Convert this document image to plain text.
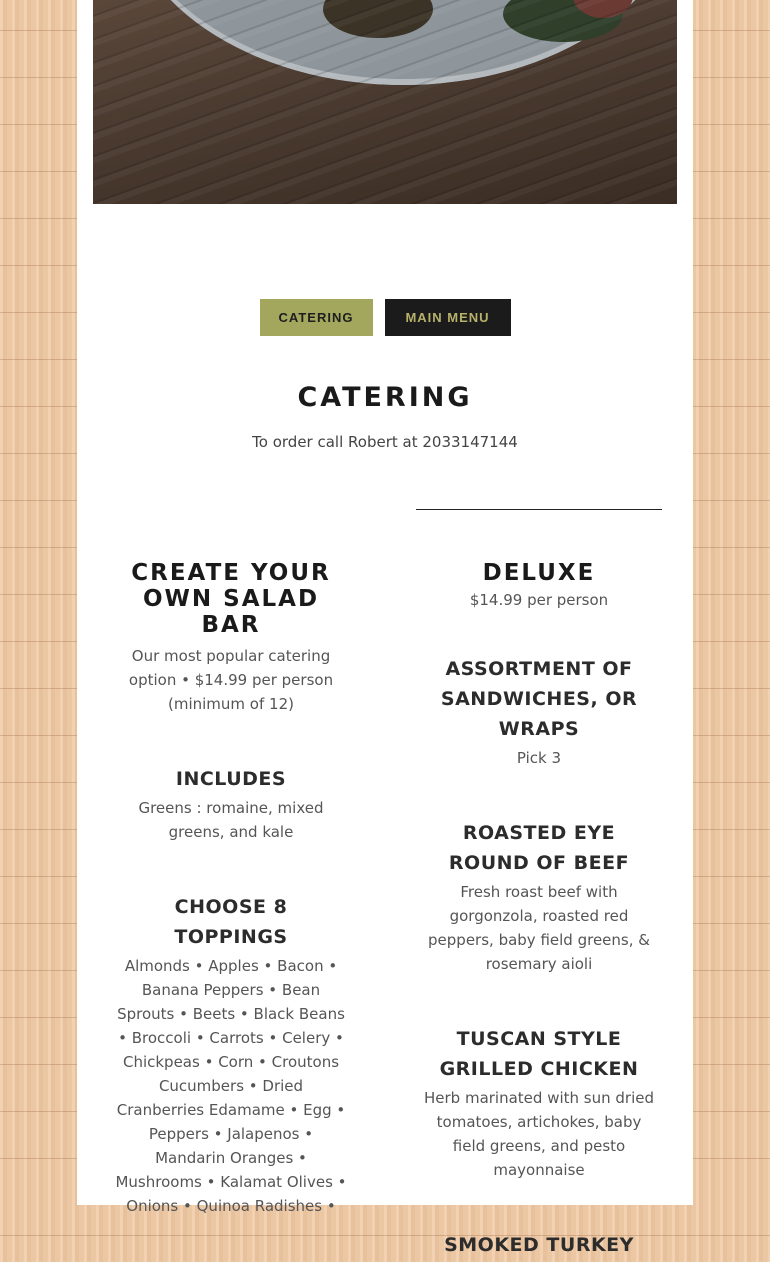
CATERING	MAIN MENU
CATERING
To order call Robert at 2033147144
CREATE YOUR OWN SALAD BAR

Our most popular catering option • $14.99 per person (minimum of 12)

INCLUDES

Greens : romaine, mixed greens, and kale

CHOOSE 8 TOPPINGS

Almonds • Apples • Bacon • Banana Peppers • Bean Sprouts • Beets • Black Beans • Broccoli • Carrots • Celery • Chickpeas • Corn • Croutons Cucumbers • Dried Cranberries Edamame • Egg • Peppers • Jalapenos • Mandarin Oranges • Mushrooms • Kalamat Olives • Onions • Quinoa Radishes •

DELUXE

$14.99 per person

ASSORTMENT OF SANDWICHES, OR WRAPS

Pick 3

ROASTED EYE ROUND OF BEEF

Fresh roast beef with gorgonzola, roasted red peppers, baby field greens, & rosemary aioli

TUSCAN STYLE GRILLED CHICKEN

Herb marinated with sun dried tomatoes, artichokes, baby field greens, and pesto mayonnaise

SMOKED TURKEY
